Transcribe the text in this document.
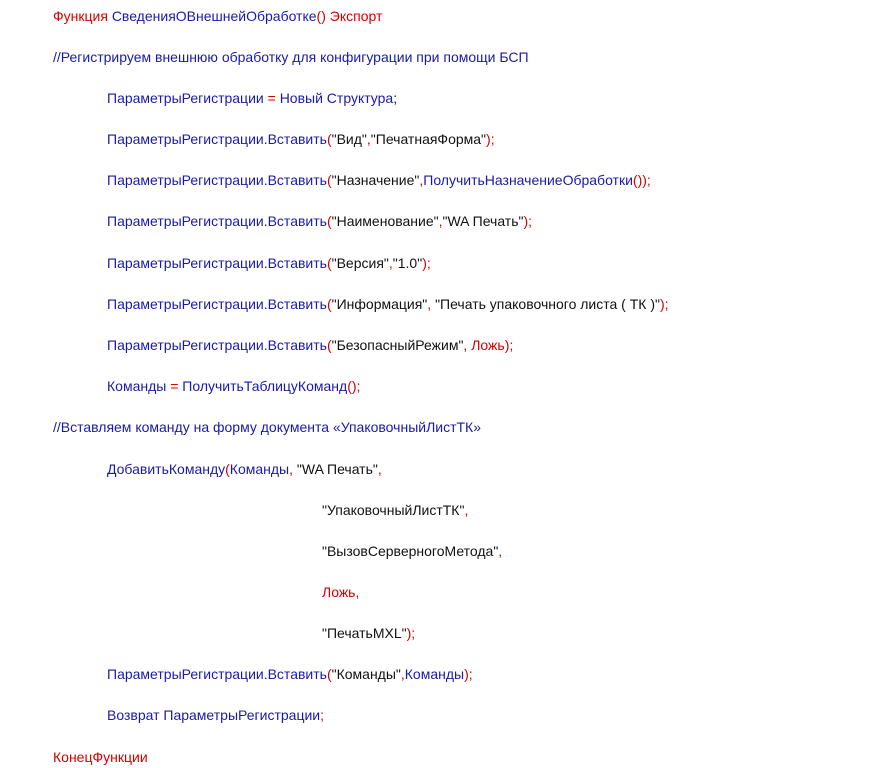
Функция СведенияОВнешнейОбработке() Экспорт
//Регистрируем внешнюю обработку для конфигурации при помощи БСП
ПараметрыРегистрации = Новый Структура;
ПараметрыРегистрации.Вставить("Вид","ПечатнаяФорма");
ПараметрыРегистрации.Вставить("Назначение",ПолучитьНазначениеОбработки());
ПараметрыРегистрации.Вставить("Наименование","WA Печать");
ПараметрыРегистрации.Вставить("Версия","1.0");
ПараметрыРегистрации.Вставить("Информация", "Печать упаковочного листа ( ТК )");
ПараметрыРегистрации.Вставить("БезопасныйРежим", Ложь);
Команды = ПолучитьТаблицуКоманд();
//Вставляем команду на форму документа «УпаковочныйЛистТК»
ДобавитьКоманду(Команды, "WA Печать",
"УпаковочныйЛистТК",
"ВызовСерверногоМетода",
Ложь,
"ПечатьMXL");
ПараметрыРегистрации.Вставить("Команды",Команды);
Возврат ПараметрыРегистрации;
КонецФункции
